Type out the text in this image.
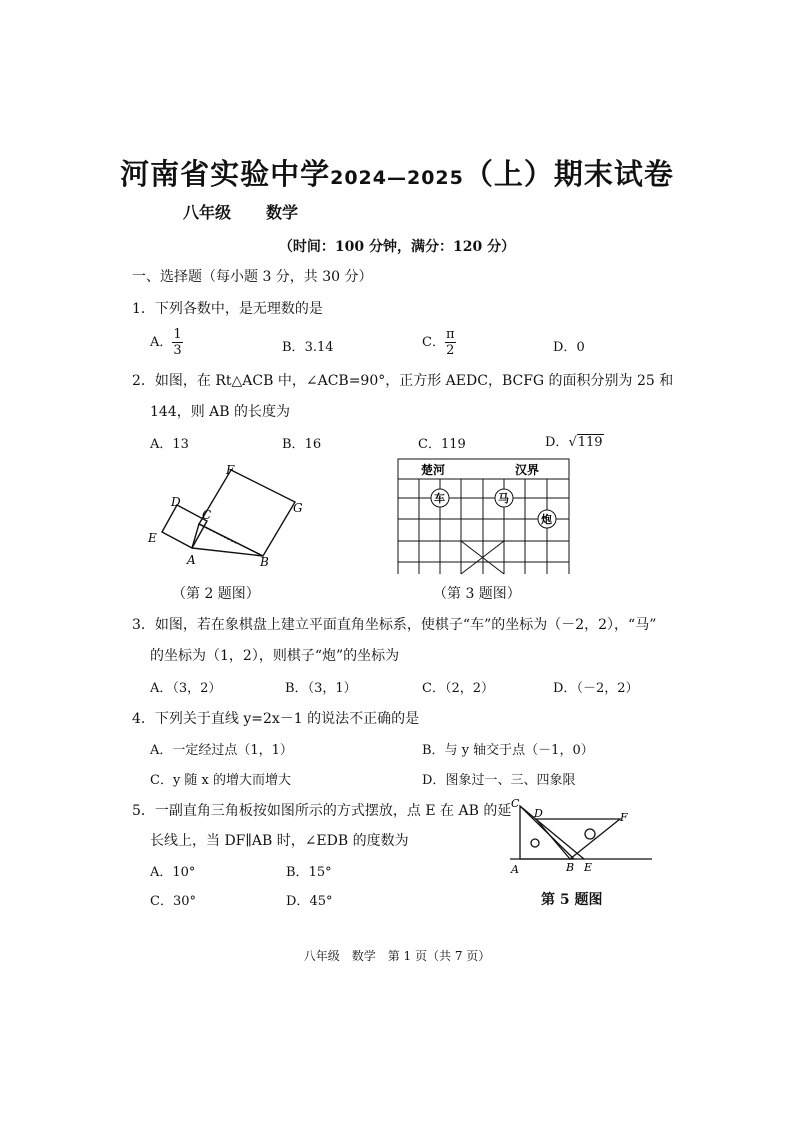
河南省实验中学2024—2025（上）期末试卷
八年级 数学
（时间：100 分钟，满分：120 分）
一、选择题（每小题 3 分，共 30 分）
1．下列各数中，是无理数的是
A． $\frac{1}{3}$	B．3.14	C． $\frac{\pi}{2}$	D．0
2．如图，在 Rt△ACB 中，∠ACB=90°，正方形 AEDC，BCFG 的面积分别为 25 和
144，则 AB 的长度为
A．13	B．16	C．119	D．√119
F
G
D
C
E
A	B
（第 2 题图）
楚河	汉界
车	马
炮
（第 3 题图）
3．如图，若在象棋盘上建立平面直角坐标系，使棋子“车”的坐标为（－2，2），“马”
的坐标为（1，2），则棋子“炮”的坐标为
A．（3，2）	B．（3，1）	C．（2，2）	D．（－2，2）
4．下列关于直线 y=2x－1 的说法不正确的是
A．一定经过点（1，1）	B．与 y 轴交于点（－1，0）
C．y 随 x 的增大而增大	D．图象过一、三、四象限
5．一副直角三角板按如图所示的方式摆放，点 E 在 AB 的延
长线上，当 DF∥AB 时，∠EDB 的度数为
A．10°	B．15°
C．30°	D．45°
C
D	F
A	B E
第 5 题图
八年级　数学　第 1 页（共 7 页）
